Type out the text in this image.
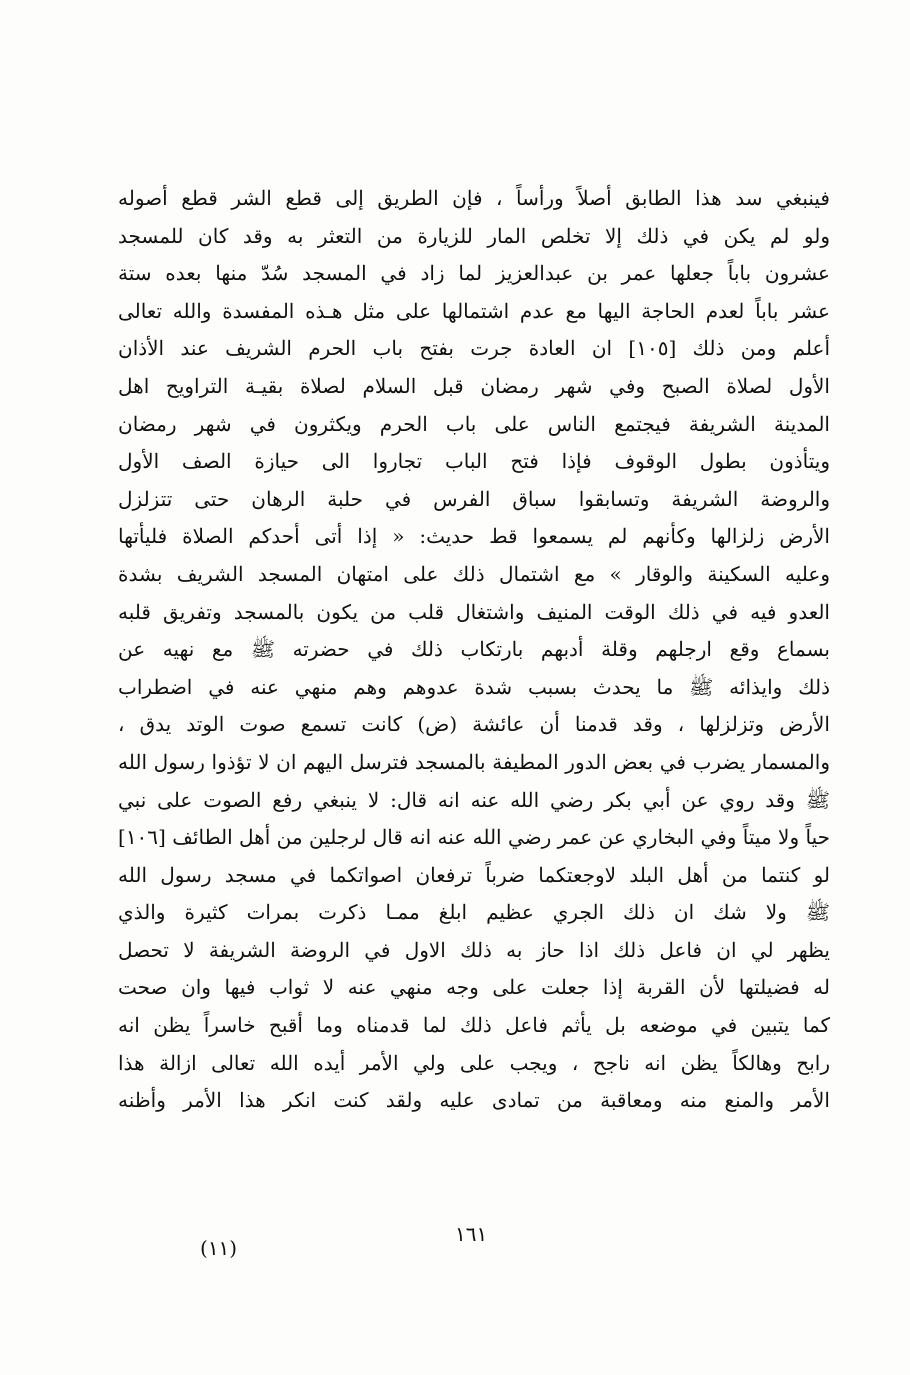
فينبغي سد هذا الطابق أصلاً ورأساً ، فإن الطريق إلى قطع الشر قطع أصوله
ولو لم يكن في ذلك إلا تخلص المار للزيارة من التعثر به وقد كان للمسجد
عشرون باباً جعلها عمر بن عبدالعزيز لما زاد في المسجد سُدّ منها بعده ستة
عشر باباً لعدم الحاجة اليها مع عدم اشتمالها على مثل هـذه المفسدة والله تعالى
أعلم ومن ذلك [١٠٥] ان العادة جرت بفتح باب الحرم الشريف عند الأذان
الأول لصلاة الصبح وفي شهر رمضان قبل السلام لصلاة بقيـة التراويح اهل
المدينة الشريفة فيجتمع الناس على باب الحرم ويكثرون في شهر رمضان
ويتأذون بطول الوقوف فإذا فتح الباب تجاروا الى حيازة الصف الأول
والروضة الشريفة وتسابقوا سباق الفرس في حلبة الرهان حتى تتزلزل
الأرض زلزالها وكأنهم لم يسمعوا قط حديث: « إذا أتى أحدكم الصلاة فليأتها
وعليه السكينة والوقار » مع اشتمال ذلك على امتهان المسجد الشريف بشدة
العدو فيه في ذلك الوقت المنيف واشتغال قلب من يكون بالمسجد وتفريق قلبه
بسماع وقع ارجلهم وقلة أدبهم بارتكاب ذلك في حضرته ﷺ مع نهيه عن
ذلك وايذائه ﷺ ما يحدث بسبب شدة عدوهم وهم منهي عنه في اضطراب
الأرض وتزلزلها ، وقد قدمنا أن عائشة (ض) كانت تسمع صوت الوتد يدق ،
والمسمار يضرب في بعض الدور المطيفة بالمسجد فترسل اليهم ان لا تؤذوا رسول الله
ﷺ وقد روي عن أبي بكر رضي الله عنه انه قال: لا ينبغي رفع الصوت على نبي
حياً ولا ميتاً وفي البخاري عن عمر رضي الله عنه انه قال لرجلين من أهل الطائف [١٠٦]
لو كنتما من أهل البلد لاوجعتكما ضرباً ترفعان اصواتكما في مسجد رسول الله
ﷺ ولا شك ان ذلك الجري عظيم ابلغ ممـا ذكرت بمرات كثيرة والذي
يظهر لي ان فاعل ذلك اذا حاز به ذلك الاول في الروضة الشريفة لا تحصل
له فضيلتها لأن القربة إذا جعلت على وجه منهي عنه لا ثواب فيها وان صحت
كما يتبين في موضعه بل يأثم فاعل ذلك لما قدمناه وما أقبح خاسراً يظن انه
رابح وهالكاً يظن انه ناجح ، ويجب على ولي الأمر أيده الله تعالى ازالة هذا
الأمر والمنع منه ومعاقبة من تمادى عليه ولقد كنت انكر هذا الأمر وأظنه
١٦١
(١١)
